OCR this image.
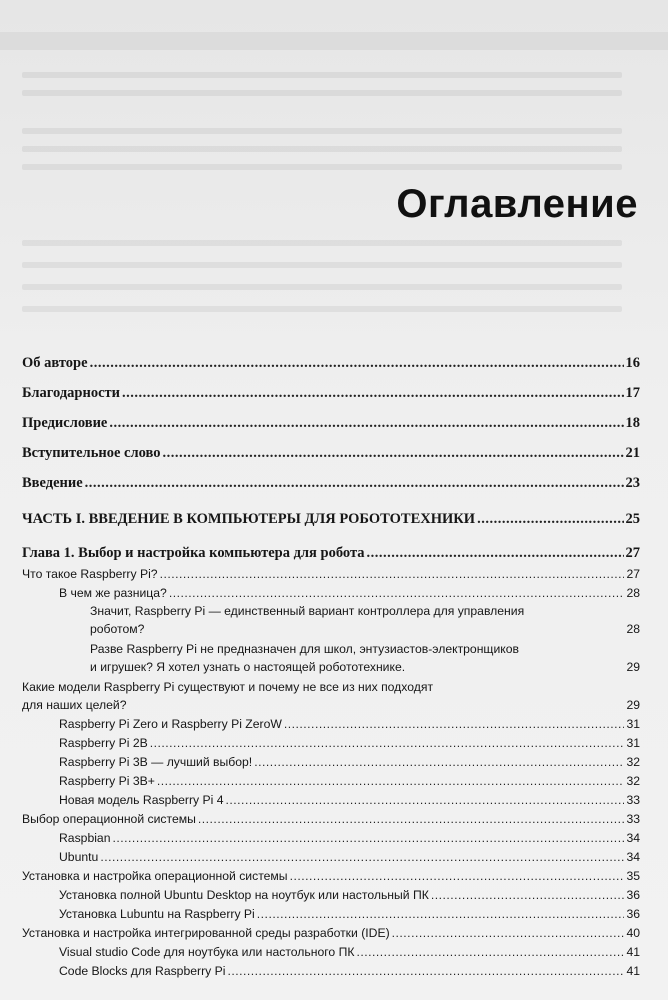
Оглавление
Об авторе .....	16
Благодарности .....	17
Предисловие .....	18
Вступительное слово .....	21
Введение .....	23
ЧАСТЬ I. ВВЕДЕНИЕ В КОМПЬЮТЕРЫ ДЛЯ РОБОТОТЕХНИКИ .....	25
Глава 1. Выбор и настройка компьютера для робота .....	27
Что такое Raspberry Pi? .....	27
В чем же разница? .....	28
Значит, Raspberry Pi — единственный вариант контроллера для управления
роботом?	28
Разве Raspberry Pi не предназначен для школ, энтузиастов-электронщиков
и игрушек? Я хотел узнать о настоящей робототехнике.	29
Какие модели Raspberry Pi существуют и почему не все из них подходят
для наших целей?	29
Raspberry Pi Zero и Raspberry Pi ZeroW .....	31
Raspberry Pi 2B .....	31
Raspberry Pi 3B — лучший выбор! .....	32
Raspberry Pi 3B+ .....	32
Новая модель Raspberry Pi 4 .....	33
Выбор операционной системы .....	33
Raspbian .....	34
Ubuntu .....	34
Установка и настройка операционной системы .....	35
Установка полной Ubuntu Desktop на ноутбук или настольный ПК .....	36
Установка Lubuntu на Raspberry Pi .....	36
Установка и настройка интегрированной среды разработки (IDE) .....	40
Visual studio Code для ноутбука или настольного ПК .....	41
Code Blocks для Raspberry Pi .....	41
